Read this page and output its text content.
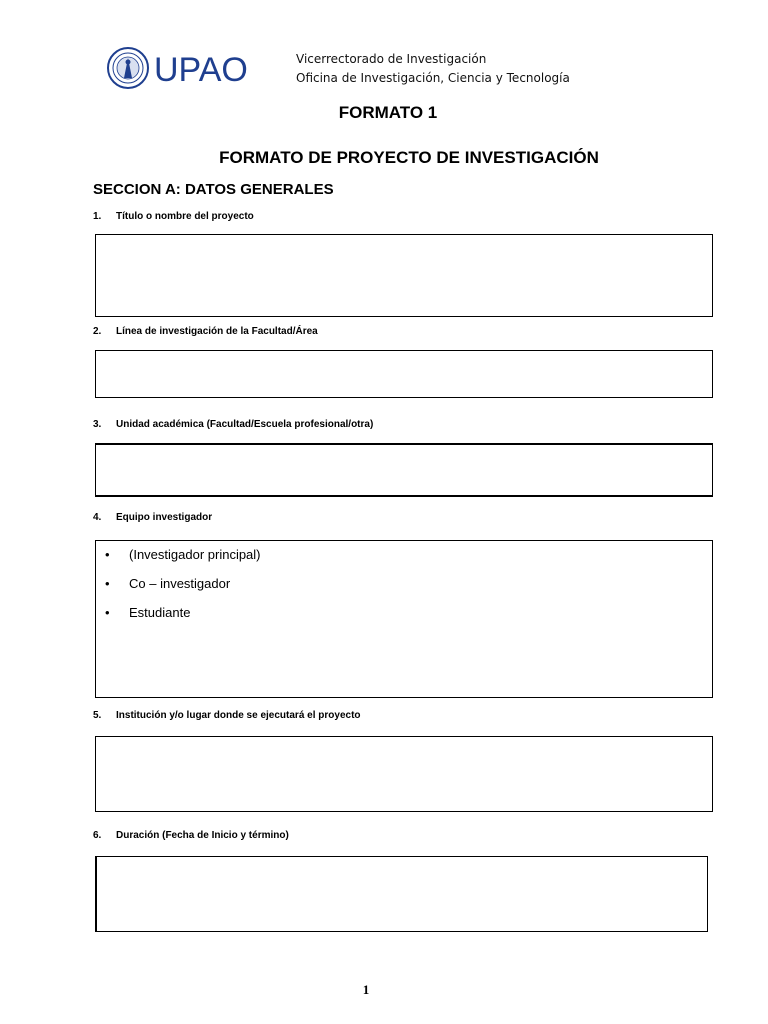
UPAO	Vicerrectorado de Investigación
Oficina de Investigación, Ciencia y Tecnología
FORMATO 1
FORMATO DE PROYECTO DE INVESTIGACIÓN
SECCION A: DATOS GENERALES
1. Título o nombre del proyecto
2. Línea de investigación de la Facultad/Área
3. Unidad académica (Facultad/Escuela profesional/otra)
4. Equipo investigador
• (Investigador principal)
• Co – investigador
• Estudiante
5. Institución y/o lugar donde se ejecutará el proyecto
6. Duración (Fecha de Inicio y término)
1
